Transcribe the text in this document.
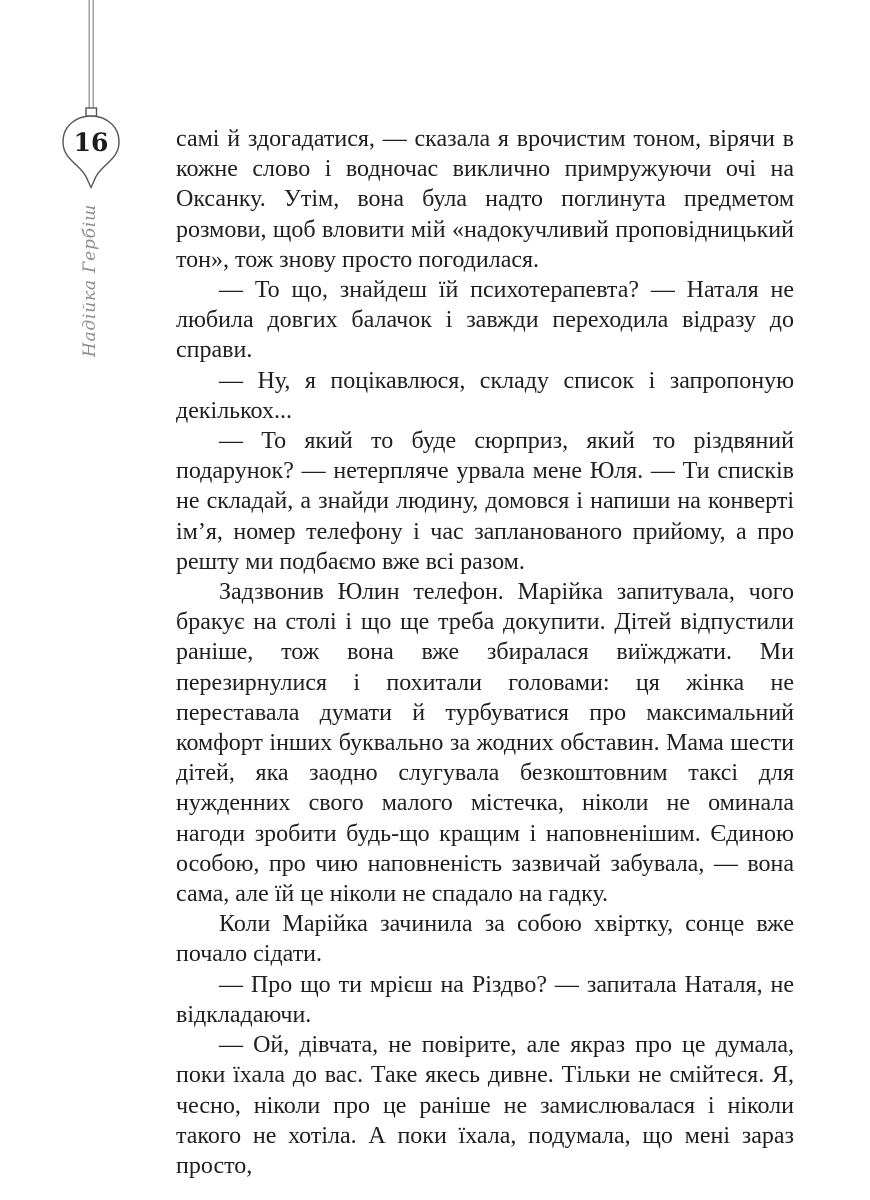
16
Надійка Гербіш

самі й здогадатися, — сказала я врочистим тоном, вірячи в кожне слово і водночас виклично примружуючи очі на Оксанку. Утім, вона була надто поглинута предметом розмови, щоб вловити мій «надокучливий проповідницький тон», тож знову просто погодилася.

— То що, знайдеш їй психотерапевта? — Наталя не любила довгих балачок і завжди переходила відразу до справи.

— Ну, я поцікавлюся, складу список і запропоную декількох...

— То який то буде сюрприз, який то різдвяний подарунок? — нетерпляче урвала мене Юля. — Ти списків не складай, а знайди людину, домовся і напиши на конверті ім’я, номер телефону і час запланованого прийому, а про решту ми подбаємо вже всі разом.

Задзвонив Юлин телефон. Марійка запитувала, чого бракує на столі і що ще треба докупити. Дітей відпустили раніше, тож вона вже збиралася виїжджати. Ми перезирнулися і похитали головами: ця жінка не переставала думати й турбуватися про максимальний комфорт інших буквально за жодних обставин. Мама шести дітей, яка заодно слугувала безкоштовним таксі для нужденних свого малого містечка, ніколи не оминала нагоди зробити будь-що кращим і наповненішим. Єдиною особою, про чию наповненість зазвичай забувала, — вона сама, але їй це ніколи не спадало на гадку.

Коли Марійка зачинила за собою хвіртку, сонце вже почало сідати.

— Про що ти мрієш на Різдво? — запитала Наталя, не відкладаючи.

— Ой, дівчата, не повірите, але якраз про це думала, поки їхала до вас. Таке якесь дивне. Тільки не смійтеся. Я, чесно, ніколи про це раніше не замислювалася і ніколи такого не хотіла. А поки їхала, подумала, що мені зараз просто,
